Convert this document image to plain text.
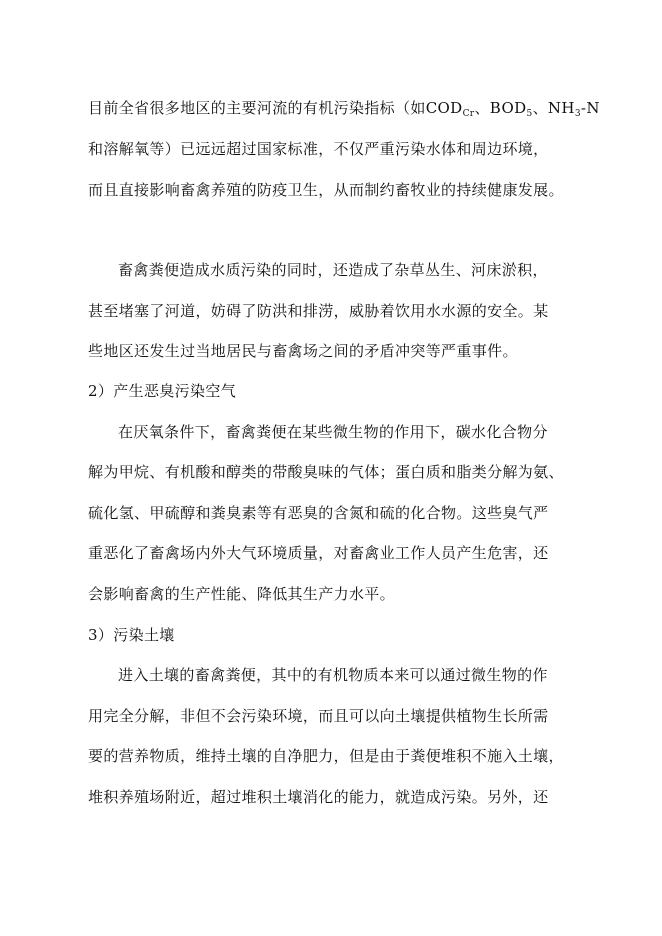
目前全省很多地区的主要河流的有机污染指标（如$COD_{Cr}$、$BOD_5$、$NH_3-N$
和溶解氧等）已远远超过国家标准，不仅严重污染水体和周边环境，
而且直接影响畜禽养殖的防疫卫生，从而制约畜牧业的持续健康发展。
畜禽粪便造成水质污染的同时，还造成了杂草丛生、河床淤积，
甚至堵塞了河道，妨碍了防洪和排涝，威胁着饮用水水源的安全。某
些地区还发生过当地居民与畜禽场之间的矛盾冲突等严重事件。
2）产生恶臭污染空气
在厌氧条件下，畜禽粪便在某些微生物的作用下，碳水化合物分
解为甲烷、有机酸和醇类的带酸臭味的气体；蛋白质和脂类分解为氨、
硫化氢、甲硫醇和粪臭素等有恶臭的含氮和硫的化合物。这些臭气严
重恶化了畜禽场内外大气环境质量，对畜禽业工作人员产生危害，还
会影响畜禽的生产性能、降低其生产力水平。
3）污染土壤
进入土壤的畜禽粪便，其中的有机物质本来可以通过微生物的作
用完全分解，非但不会污染环境，而且可以向土壤提供植物生长所需
要的营养物质，维持土壤的自净肥力，但是由于粪便堆积不施入土壤，
堆积养殖场附近，超过堆积土壤消化的能力，就造成污染。另外，还
